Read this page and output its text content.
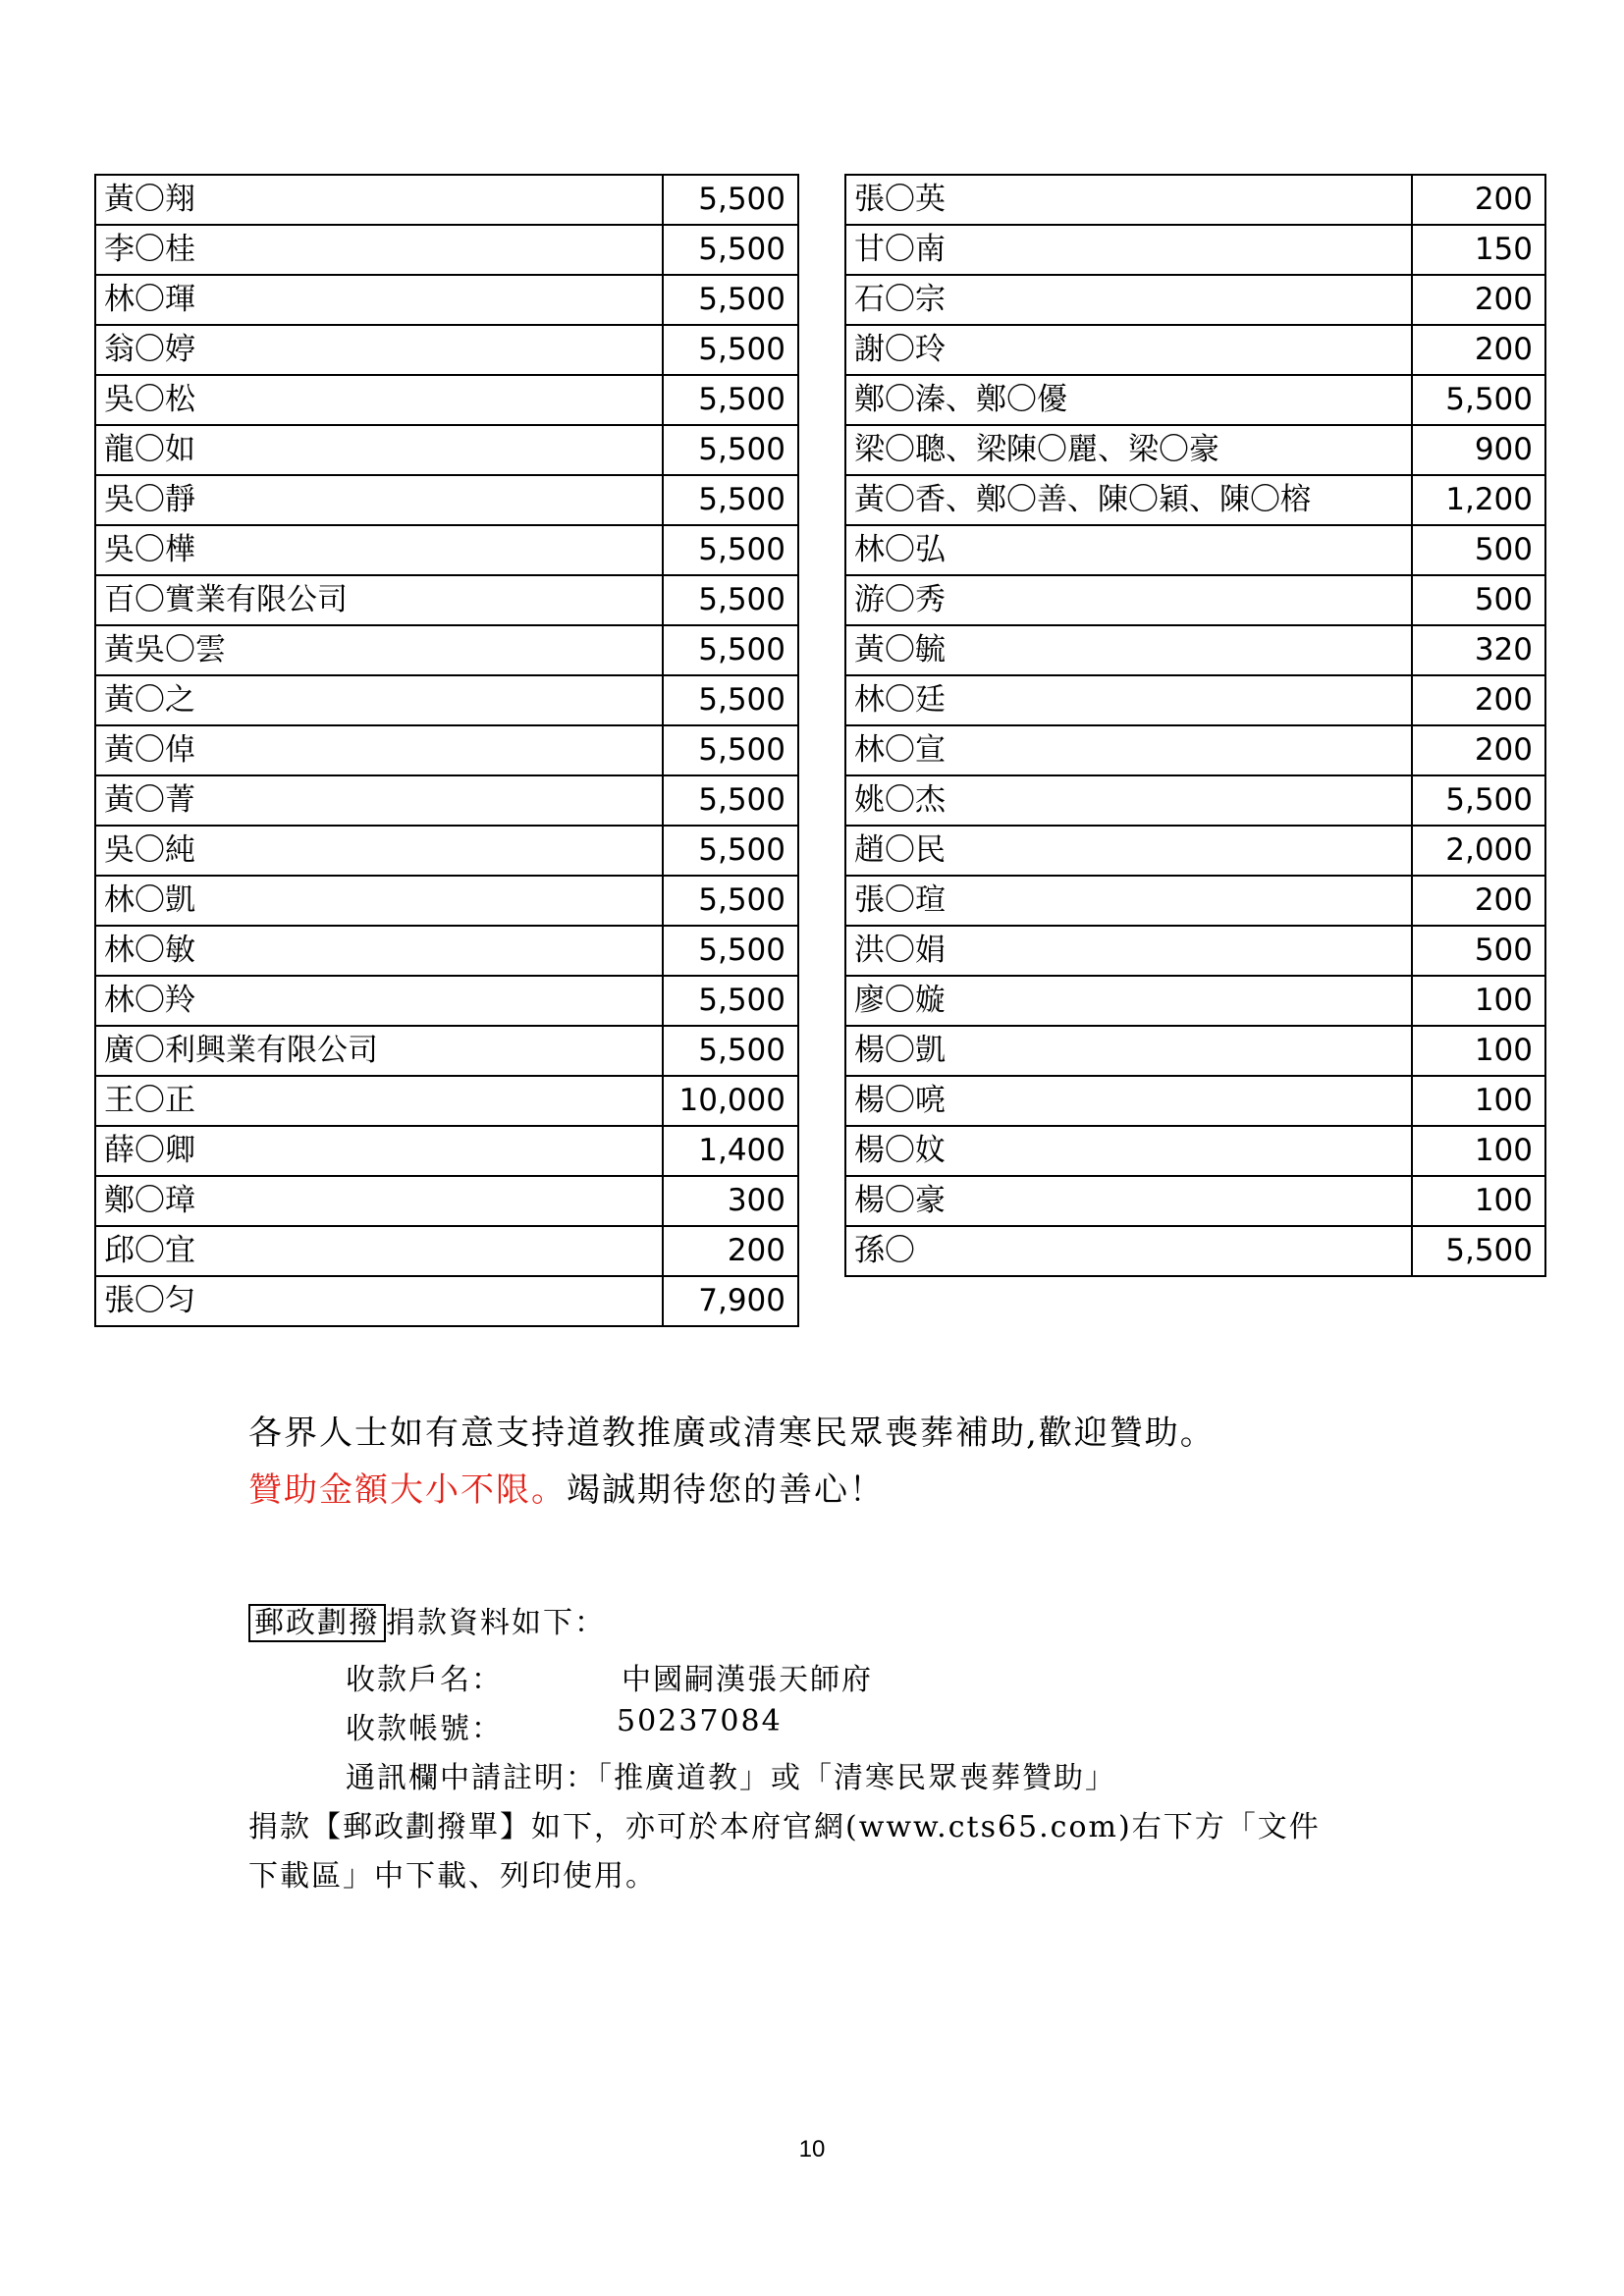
黃〇翔	5,500
李〇桂	5,500
林〇琿	5,500
翁〇婷	5,500
吳〇松	5,500
龍〇如	5,500
吳〇靜	5,500
吳〇樺	5,500
百〇實業有限公司	5,500
黃吳〇雲	5,500
黃〇之	5,500
黃〇倬	5,500
黃〇菁	5,500
吳〇純	5,500
林〇凱	5,500
林〇敏	5,500
林〇羚	5,500
廣〇利興業有限公司	5,500
王〇正	10,000
薛〇卿	1,400
鄭〇璋	300
邱〇宜	200
張〇匀	7,900
張〇英	200
甘〇南	150
石〇宗	200
謝〇玲	200
鄭〇溱、鄭〇優	5,500
梁〇聰、梁陳〇麗、梁〇豪	900
黃〇香、鄭〇善、陳〇穎、陳〇榕	1,200
林〇弘	500
游〇秀	500
黃〇毓	320
林〇廷	200
林〇宣	200
姚〇杰	5,500
趙〇民	2,000
張〇瑄	200
洪〇娟	500
廖〇嫙	100
楊〇凱	100
楊〇喨	100
楊〇妏	100
楊〇豪	100
孫〇	5,500
各界人士如有意支持道教推廣或清寒民眾喪葬補助,歡迎贊助。
贊助金額大小不限。竭誠期待您的善心！
郵政劃撥 捐款資料如下：
收款戶名：	中國嗣漢張天師府
收款帳號：	50237084
通訊欄中請註明：「推廣道教」或「清寒民眾喪葬贊助」
捐款【郵政劃撥單】如下，亦可於本府官網(www.cts65.com)右下方「文件
下載區」中下載、列印使用。
10
